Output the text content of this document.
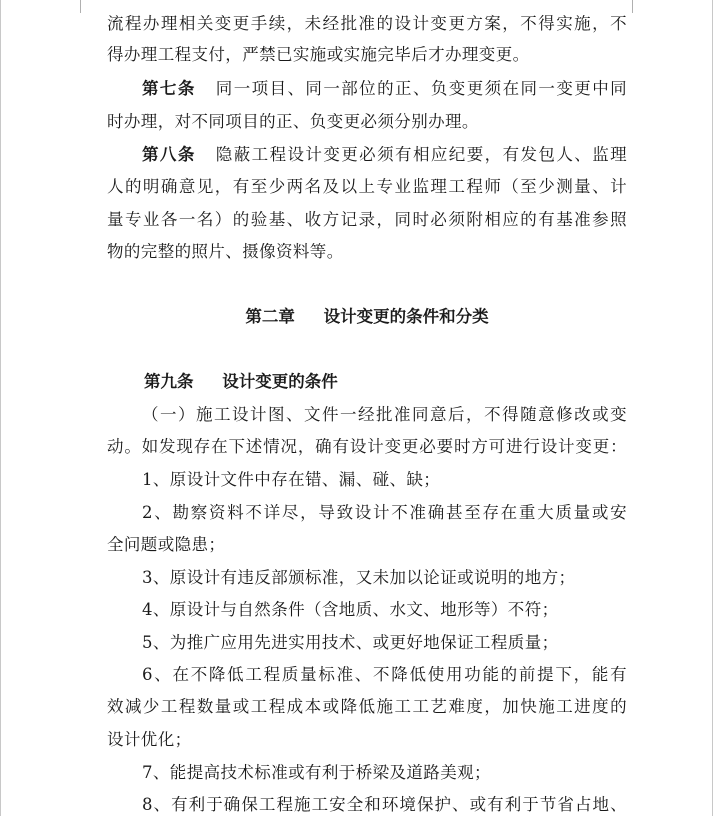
流程办理相关变更手续，未经批准的设计变更方案，不得实施，不
得办理工程支付，严禁已实施或实施完毕后才办理变更。
第七条 同一项目、同一部位的正、负变更须在同一变更中同
时办理，对不同项目的正、负变更必须分别办理。
第八条 隐蔽工程设计变更必须有相应纪要，有发包人、监理
人的明确意见，有至少两名及以上专业监理工程师（至少测量、计
量专业各一名）的验基、收方记录，同时必须附相应的有基准参照
物的完整的照片、摄像资料等。
第二章 设计变更的条件和分类
第九条 设计变更的条件
（一）施工设计图、文件一经批准同意后，不得随意修改或变
动。如发现存在下述情况，确有设计变更必要时方可进行设计变更：
1、原设计文件中存在错、漏、碰、缺；
2、勘察资料不详尽，导致设计不准确甚至存在重大质量或安
全问题或隐患；
3、原设计有违反部颁标准，又未加以论证或说明的地方；
4、原设计与自然条件（含地质、水文、地形等）不符；
5、为推广应用先进实用技术、或更好地保证工程质量；
6、在不降低工程质量标准、不降低使用功能的前提下，能有
效减少工程数量或工程成本或降低施工工艺难度，加快施工进度的
设计优化；
7、能提高技术标准或有利于桥梁及道路美观；
8、有利于确保工程施工安全和环境保护、或有利于节省占地、
